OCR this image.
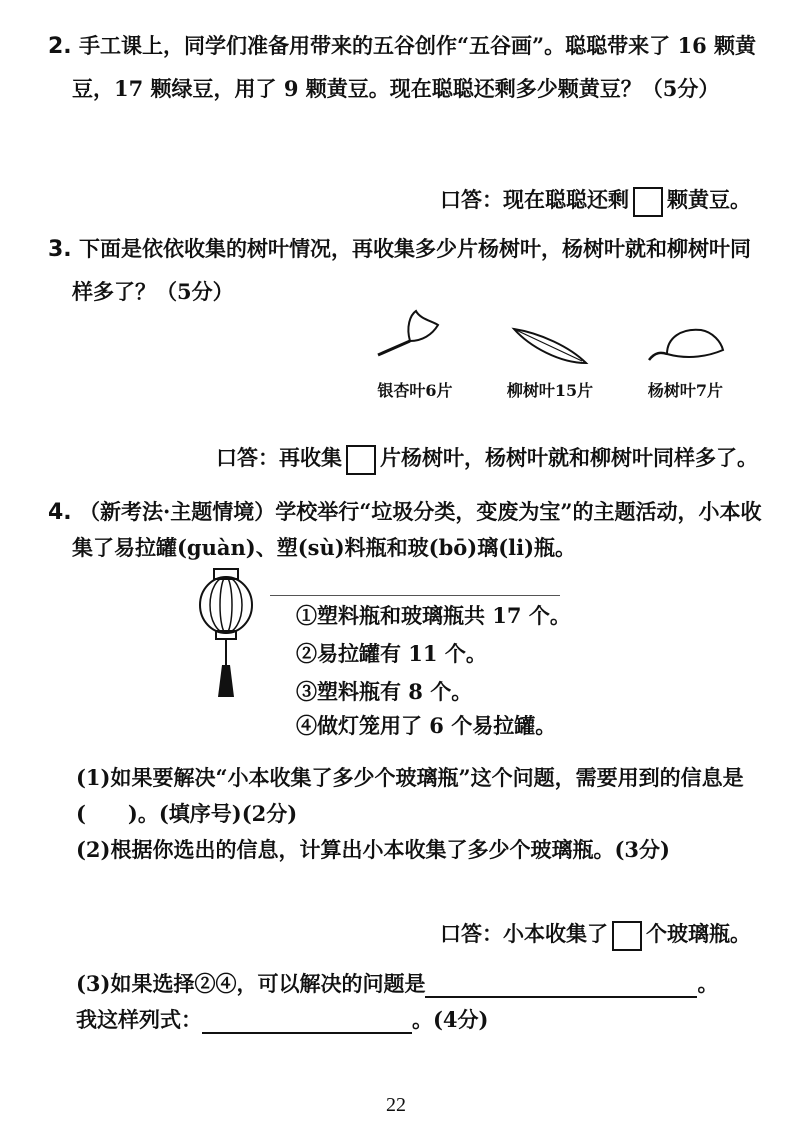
2. 手工课上，同学们准备用带来的五谷创作“五谷画”。聪聪带来了 16 颗黄
豆，17 颗绿豆，用了 9 颗黄豆。现在聪聪还剩多少颗黄豆？（5分）
口答：现在聪聪还剩 颗黄豆。
3. 下面是依依收集的树叶情况，再收集多少片杨树叶，杨树叶就和柳树叶同
样多了？（5分）
银杏叶6片	柳树叶15片	杨树叶7片
口答：再收集 片杨树叶，杨树叶就和柳树叶同样多了。
4. （新考法·主题情境）学校举行“垃圾分类，变废为宝”的主题活动，小本收
集了易拉罐(guàn)、塑(sù)料瓶和玻(bō)璃(li)瓶。
①塑料瓶和玻璃瓶共 17 个。
②易拉罐有 11 个。
③塑料瓶有 8 个。
④做灯笼用了 6 个易拉罐。
(1)如果要解决“小本收集了多少个玻璃瓶”这个问题，需要用到的信息是
(　　)。(填序号)(2分)
(2)根据你选出的信息，计算出小本收集了多少个玻璃瓶。(3分)
口答：小本收集了 个玻璃瓶。
(3)如果选择②④，可以解决的问题是	。
我这样列式：	。(4分)
22
